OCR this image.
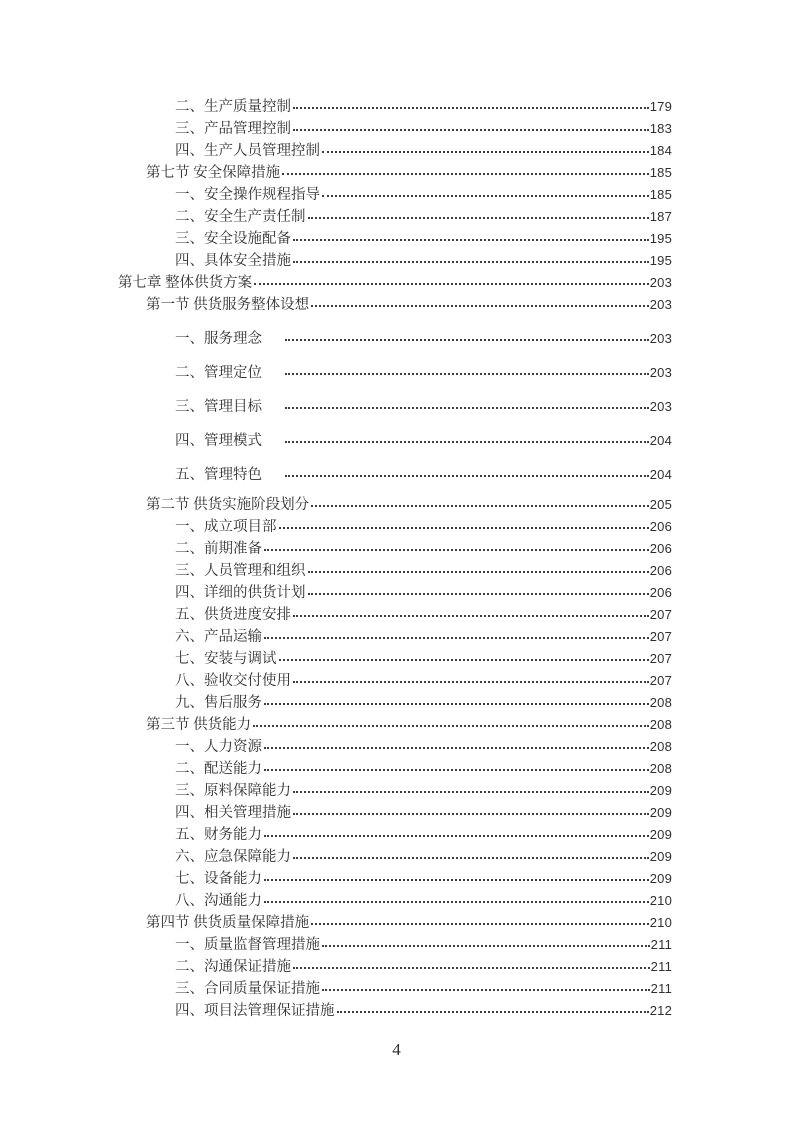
二、生产质量控制	179
三、产品管理控制	183
四、生产人员管理控制	184
第七节 安全保障措施	185
一、安全操作规程指导	185
二、安全生产责任制	187
三、安全设施配备	195
四、具体安全措施	195
第七章 整体供货方案	203
第一节 供货服务整体设想	203
一、服务理念	203
二、管理定位	203
三、管理目标	203
四、管理模式	204
五、管理特色	204
第二节 供货实施阶段划分	205
一、成立项目部	206
二、前期准备	206
三、人员管理和组织	206
四、详细的供货计划	206
五、供货进度安排	207
六、产品运输	207
七、安装与调试	207
八、验收交付使用	207
九、售后服务	208
第三节 供货能力	208
一、人力资源	208
二、配送能力	208
三、原料保障能力	209
四、相关管理措施	209
五、财务能力	209
六、应急保障能力	209
七、设备能力	209
八、沟通能力	210
第四节 供货质量保障措施	210
一、质量监督管理措施	211
二、沟通保证措施	211
三、合同质量保证措施	211
四、项目法管理保证措施	212
4
